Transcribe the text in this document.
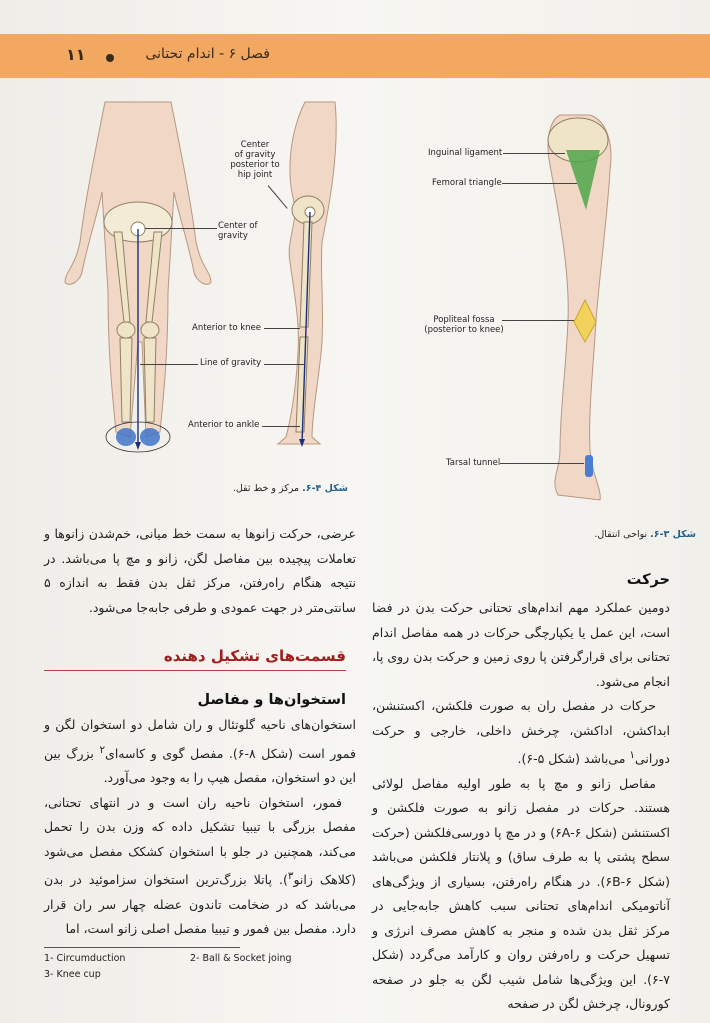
فصل ۶ - اندام تحتانی
۱۱
Center
of gravity
posterior to
hip joint
Center of
gravity
Anterior to knee
Line of gravity
Anterior to ankle
شکل ۴-۶. مرکز و خط ثقل.
Inguinal ligament
Femoral triangle
Popliteal fossa
(posterior to knee)
Tarsal tunnel
شکل ۳-۶. نواحی انتقال.

عرضی، حرکت زانوها به سمت خط میانی، خم‌شدن زانوها و تعاملات پیچیده بین مفاصل لگن، زانو و مچ پا می‌باشد. در نتیجه هنگام راه‌رفتن، مرکز ثقل بدن فقط به اندازه ۵ سانتی‌متر در جهت عمودی و طرفی جابه‌جا می‌شود.

قسمت‌های تشکیل دهنده
استخوان‌ها و مفاصل

استخوان‌های ناحیه گلوتئال و ران شامل دو استخوان لگن و فمور است (شکل ۸-۶). مفصل گوی و کاسه‌ای$^۲$ بزرگ بین این دو استخوان، مفصل هیپ را به وجود می‌آورد.

فمور، استخوان ناحیه ران است و در انتهای تحتانی، مفصل بزرگی با تیبیا تشکیل داده که وزن بدن را تحمل می‌کند، همچنین در جلو با استخوان کشکک مفصل می‌شود (کلاهک زانو$^۳$). پاتلا بزرگ‌ترین استخوان سزاموئید در بدن می‌باشد که در ضخامت تاندون عضله چهار سر ران قرار دارد. مفصل بین فمور و تیبیا مفصل اصلی زانو است، اما

1- Circumduction	2- Ball & Socket joing
3- Knee cup
حرکت

دومین عملکرد مهم اندام‌های تحتانی حرکت بدن در فضا است، این عمل یا یکپارچگی حرکات در همه مفاصل اندام تحتانی برای قرارگرفتن پا روی زمین و حرکت بدن روی پا، انجام می‌شود.

حرکات در مفصل ران به صورت فلکشن، اکستنشن، ابداکشن، اداکشن، چرخش داخلی، خارجی و حرکت دورانی$^۱$ می‌باشد (شکل ۵-۶).

مفاصل زانو و مچ پا به طور اولیه مفاصل لولائی هستند. حرکات در مفصل زانو به صورت فلکشن و اکستنشن (شکل ۶A-۶) و در مچ پا دورسی‌فلکشن (حرکت سطح پشتی پا به طرف ساق) و پلانتار فلکشن می‌باشد (شکل ۶B-۶). در هنگام راه‌رفتن، بسیاری از ویژگی‌های آناتومیکی اندام‌های تحتانی سبب کاهش جابه‌جایی در مرکز ثقل بدن شده و منجر به کاهش مصرف انرژی و تسهیل حرکت و راه‌رفتن روان و کارآمد می‌گردد (شکل ۷-۶). این ویژگی‌ها شامل شیب لگن به جلو در صفحه کورونال، چرخش لگن در صفحه
